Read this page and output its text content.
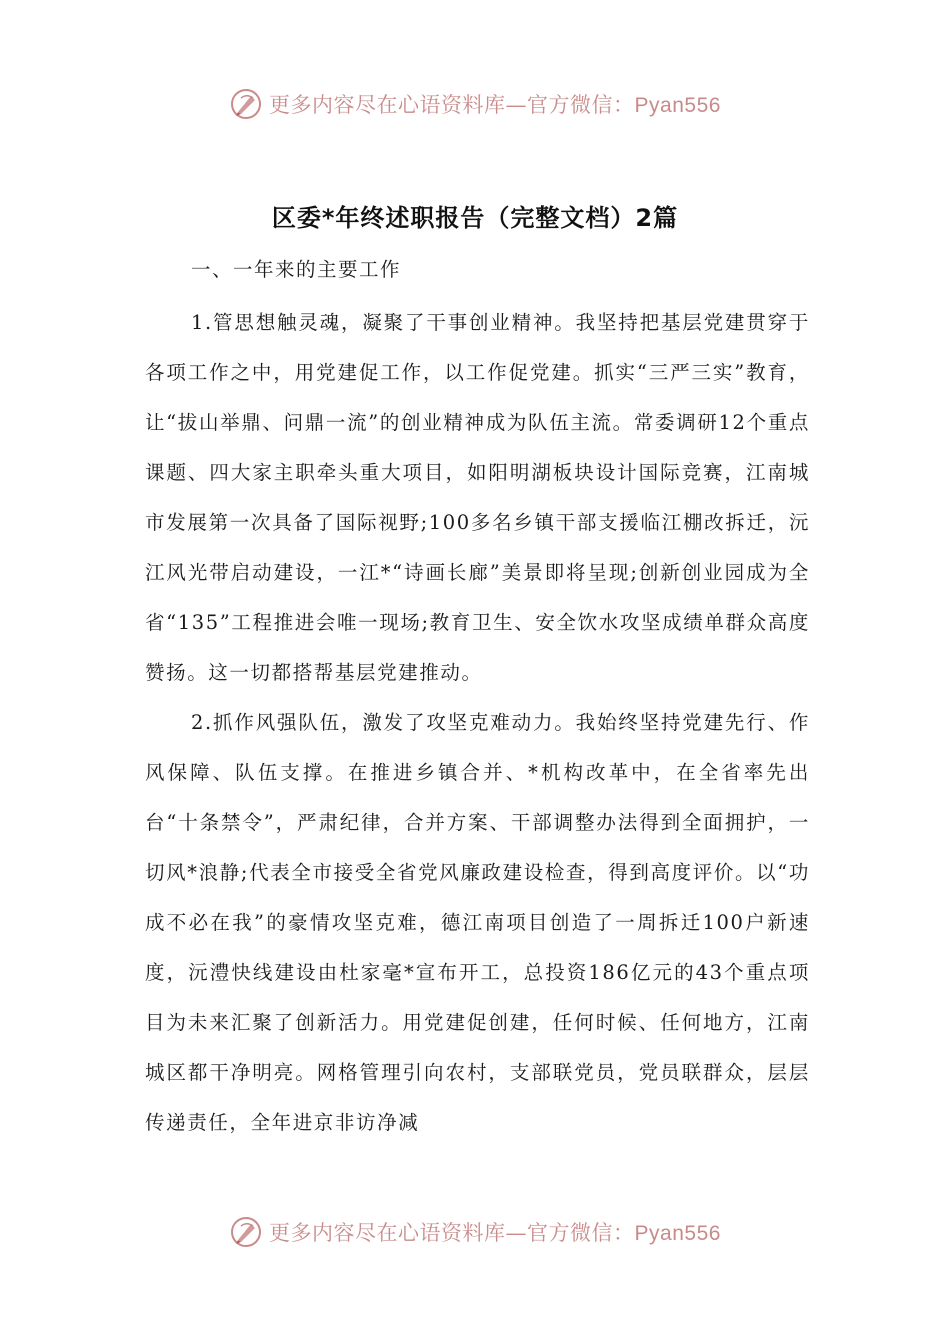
更多内容尽在心语资料库—官方微信：Pyan556
区委*年终述职报告（完整文档）2篇
一、一年来的主要工作

1.管思想触灵魂，凝聚了干事创业精神。我坚持把基层党建贯穿于各项工作之中，用党建促工作，以工作促党建。抓实“三严三实”教育，让“拔山举鼎、问鼎一流”的创业精神成为队伍主流。常委调研12个重点课题、四大家主职牵头重大项目，如阳明湖板块设计国际竞赛，江南城市发展第一次具备了国际视野;100多名乡镇干部支援临江棚改拆迁，沅江风光带启动建设，一江*“诗画长廊”美景即将呈现;创新创业园成为全省“135”工程推进会唯一现场;教育卫生、安全饮水攻坚成绩单群众高度赞扬。这一切都搭帮基层党建推动。

2.抓作风强队伍，激发了攻坚克难动力。我始终坚持党建先行、作风保障、队伍支撑。在推进乡镇合并、*机构改革中，在全省率先出台“十条禁令”，严肃纪律，合并方案、干部调整办法得到全面拥护，一切风*浪静;代表全市接受全省党风廉政建设检查，得到高度评价。以“功成不必在我”的豪情攻坚克难，德江南项目创造了一周拆迁100户新速度，沅澧快线建设由杜家毫*宣布开工，总投资186亿元的43个重点项目为未来汇聚了创新活力。用党建促创建，任何时候、任何地方，江南城区都干净明亮。网格管理引向农村，支部联党员，党员联群众，层层传递责任，全年进京非访净减

更多内容尽在心语资料库—官方微信：Pyan556
